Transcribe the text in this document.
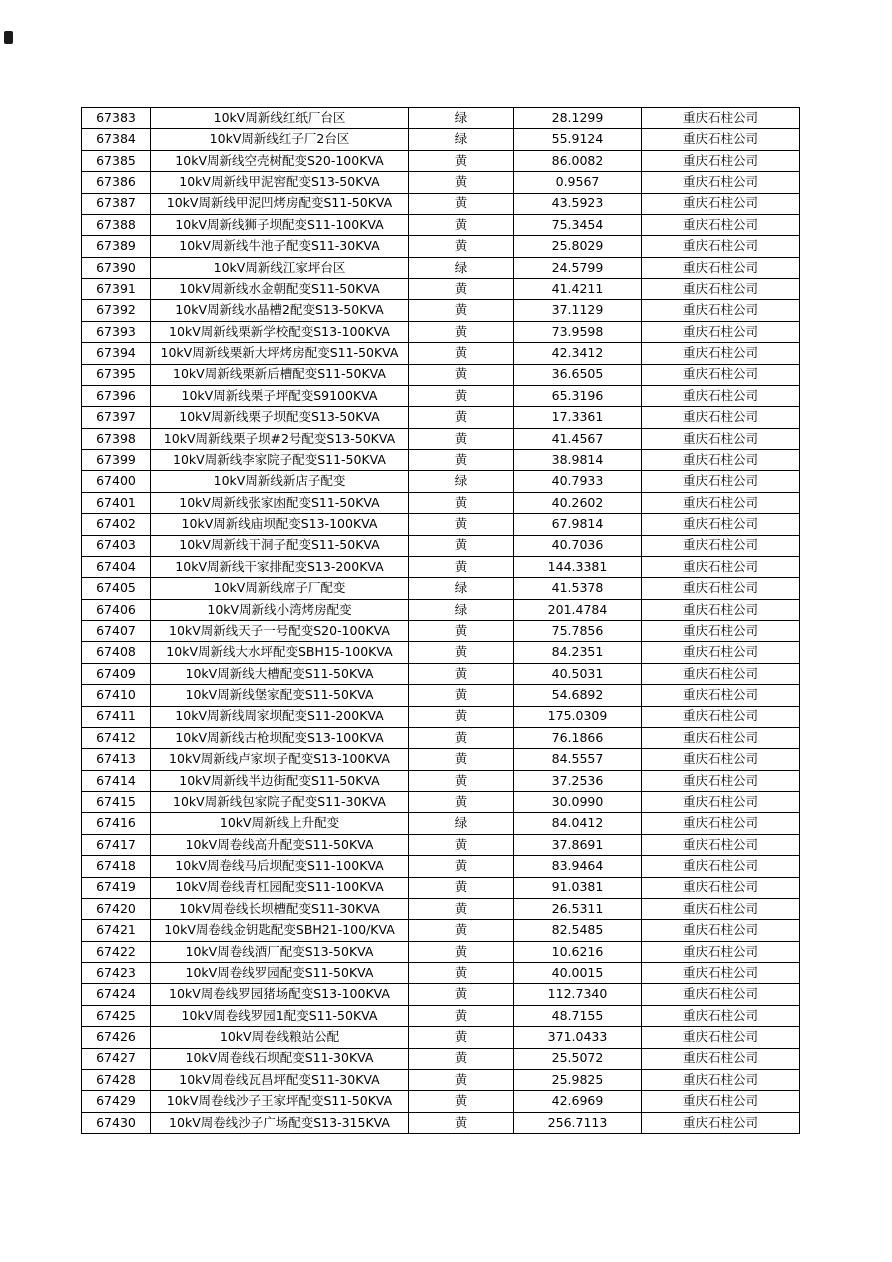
67383	10kV周新线红纸厂台区	绿	28.1299	重庆石柱公司
67384	10kV周新线红子厂2台区	绿	55.9124	重庆石柱公司
67385	10kV周新线空壳树配变S20-100KVA	黄	86.0082	重庆石柱公司
67386	10kV周新线甲泥窖配变S13-50KVA	黄	0.9567	重庆石柱公司
67387	10kV周新线甲泥凹烤房配变S11-50KVA	黄	43.5923	重庆石柱公司
67388	10kV周新线狮子坝配变S11-100KVA	黄	75.3454	重庆石柱公司
67389	10kV周新线牛池子配变S11-30KVA	黄	25.8029	重庆石柱公司
67390	10kV周新线江家坪台区	绿	24.5799	重庆石柱公司
67391	10kV周新线水金朝配变S11-50KVA	黄	41.4211	重庆石柱公司
67392	10kV周新线水晶槽2配变S13-50KVA	黄	37.1129	重庆石柱公司
67393	10kV周新线栗新学校配变S13-100KVA	黄	73.9598	重庆石柱公司
67394	10kV周新线栗新大坪烤房配变S11-50KVA	黄	42.3412	重庆石柱公司
67395	10kV周新线栗新后槽配变S11-50KVA	黄	36.6505	重庆石柱公司
67396	10kV周新线栗子坪配变S9100KVA	黄	65.3196	重庆石柱公司
67397	10kV周新线栗子坝配变S13-50KVA	黄	17.3361	重庆石柱公司
67398	10kV周新线栗子坝#2号配变S13-50KVA	黄	41.4567	重庆石柱公司
67399	10kV周新线李家院子配变S11-50KVA	黄	38.9814	重庆石柱公司
67400	10kV周新线新店子配变	绿	40.7933	重庆石柱公司
67401	10kV周新线张家凼配变S11-50KVA	黄	40.2602	重庆石柱公司
67402	10kV周新线庙坝配变S13-100KVA	黄	67.9814	重庆石柱公司
67403	10kV周新线干洞子配变S11-50KVA	黄	40.7036	重庆石柱公司
67404	10kV周新线干家排配变S13-200KVA	黄	144.3381	重庆石柱公司
67405	10kV周新线席子厂配变	绿	41.5378	重庆石柱公司
67406	10kV周新线小湾烤房配变	绿	201.4784	重庆石柱公司
67407	10kV周新线天子一号配变S20-100KVA	黄	75.7856	重庆石柱公司
67408	10kV周新线大水坪配变SBH15-100KVA	黄	84.2351	重庆石柱公司
67409	10kV周新线大槽配变S11-50KVA	黄	40.5031	重庆石柱公司
67410	10kV周新线堡家配变S11-50KVA	黄	54.6892	重庆石柱公司
67411	10kV周新线周家坝配变S11-200KVA	黄	175.0309	重庆石柱公司
67412	10kV周新线古枪坝配变S13-100KVA	黄	76.1866	重庆石柱公司
67413	10kV周新线卢家坝子配变S13-100KVA	黄	84.5557	重庆石柱公司
67414	10kV周新线半边街配变S11-50KVA	黄	37.2536	重庆石柱公司
67415	10kV周新线包家院子配变S11-30KVA	黄	30.0990	重庆石柱公司
67416	10kV周新线上升配变	绿	84.0412	重庆石柱公司
67417	10kV周卷线高升配变S11-50KVA	黄	37.8691	重庆石柱公司
67418	10kV周卷线马后坝配变S11-100KVA	黄	83.9464	重庆石柱公司
67419	10kV周卷线青杠园配变S11-100KVA	黄	91.0381	重庆石柱公司
67420	10kV周卷线长坝槽配变S11-30KVA	黄	26.5311	重庆石柱公司
67421	10kV周卷线金钥匙配变SBH21-100/KVA	黄	82.5485	重庆石柱公司
67422	10kV周卷线酒厂配变S13-50KVA	黄	10.6216	重庆石柱公司
67423	10kV周卷线罗园配变S11-50KVA	黄	40.0015	重庆石柱公司
67424	10kV周卷线罗园猪场配变S13-100KVA	黄	112.7340	重庆石柱公司
67425	10kV周卷线罗园1配变S11-50KVA	黄	48.7155	重庆石柱公司
67426	10kV周卷线粮站公配	黄	371.0433	重庆石柱公司
67427	10kV周卷线石坝配变S11-30KVA	黄	25.5072	重庆石柱公司
67428	10kV周卷线瓦昌坪配变S11-30KVA	黄	25.9825	重庆石柱公司
67429	10kV周卷线沙子王家坪配变S11-50KVA	黄	42.6969	重庆石柱公司
67430	10kV周卷线沙子广场配变S13-315KVA	黄	256.7113	重庆石柱公司
